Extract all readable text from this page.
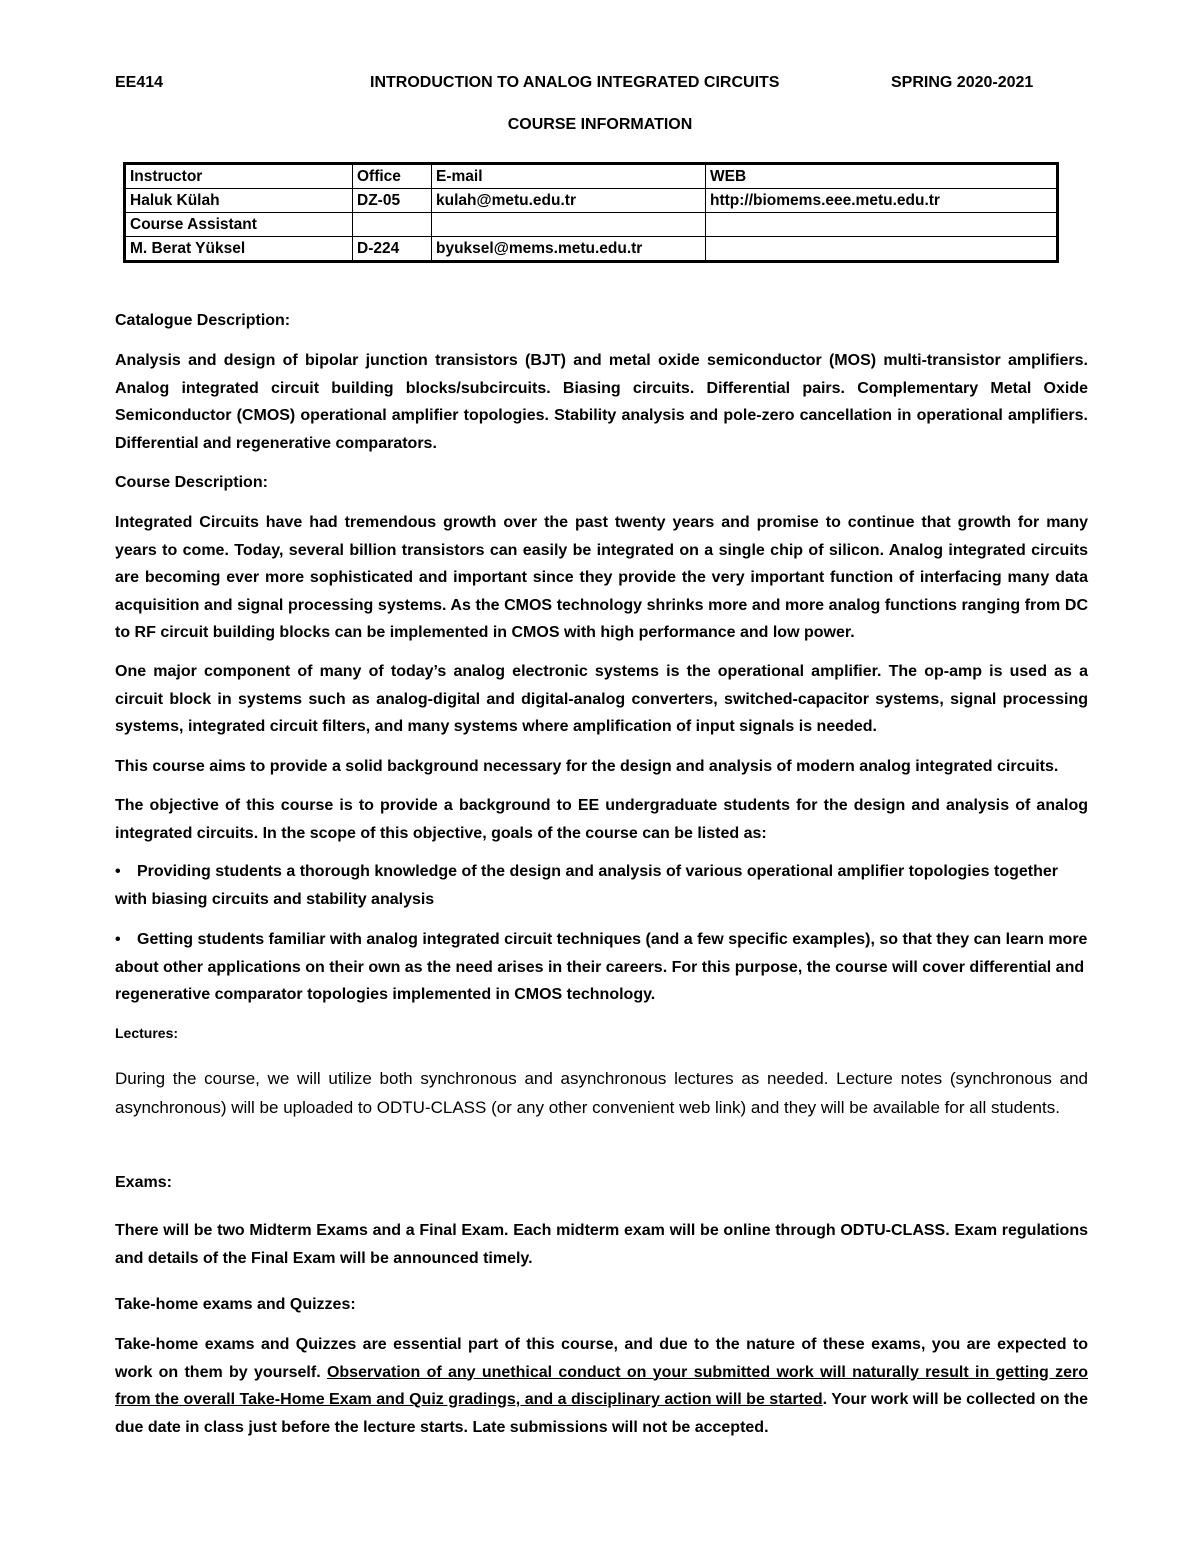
EE414	INTRODUCTION TO ANALOG INTEGRATED CIRCUITS	SPRING 2020-2021
COURSE INFORMATION
Instructor	Office	E-mail	WEB
Haluk Külah	DZ-05	kulah@metu.edu.tr	http://biomems.eee.metu.edu.tr
Course Assistant			
M. Berat Yüksel	D-224	byuksel@mems.metu.edu.tr	
Catalogue Description:
Analysis and design of bipolar junction transistors (BJT) and metal oxide semiconductor (MOS) multi-transistor amplifiers. Analog integrated circuit building blocks/subcircuits. Biasing circuits. Differential pairs. Complementary Metal Oxide Semiconductor (CMOS) operational amplifier topologies. Stability analysis and pole-zero cancellation in operational amplifiers. Differential and regenerative comparators.
Course Description:
Integrated Circuits have had tremendous growth over the past twenty years and promise to continue that growth for many years to come. Today, several billion transistors can easily be integrated on a single chip of silicon. Analog integrated circuits are becoming ever more sophisticated and important since they provide the very important function of interfacing many data acquisition and signal processing systems. As the CMOS technology shrinks more and more analog functions ranging from DC to RF circuit building blocks can be implemented in CMOS with high performance and low power.
One major component of many of today’s analog electronic systems is the operational amplifier. The op-amp is used as a circuit block in systems such as analog-digital and digital-analog converters, switched-capacitor systems, signal processing systems, integrated circuit filters, and many systems where amplification of input signals is needed.
This course aims to provide a solid background necessary for the design and analysis of modern analog integrated circuits.
The objective of this course is to provide a background to EE undergraduate students for the design and analysis of analog integrated circuits. In the scope of this objective, goals of the course can be listed as:
• Providing students a thorough knowledge of the design and analysis of various operational amplifier topologies together with biasing circuits and stability analysis
• Getting students familiar with analog integrated circuit techniques (and a few specific examples), so that they can learn more about other applications on their own as the need arises in their careers. For this purpose, the course will cover differential and regenerative comparator topologies implemented in CMOS technology.
Lectures:
During the course, we will utilize both synchronous and asynchronous lectures as needed. Lecture notes (synchronous and asynchronous) will be uploaded to ODTU-CLASS (or any other convenient web link) and they will be available for all students.
Exams:
There will be two Midterm Exams and a Final Exam. Each midterm exam will be online through ODTU-CLASS. Exam regulations and details of the Final Exam will be announced timely.
Take-home exams and Quizzes:
Take-home exams and Quizzes are essential part of this course, and due to the nature of these exams, you are expected to work on them by yourself. Observation of any unethical conduct on your submitted work will naturally result in getting zero from the overall Take-Home Exam and Quiz gradings, and a disciplinary action will be started. Your work will be collected on the due date in class just before the lecture starts. Late submissions will not be accepted.
